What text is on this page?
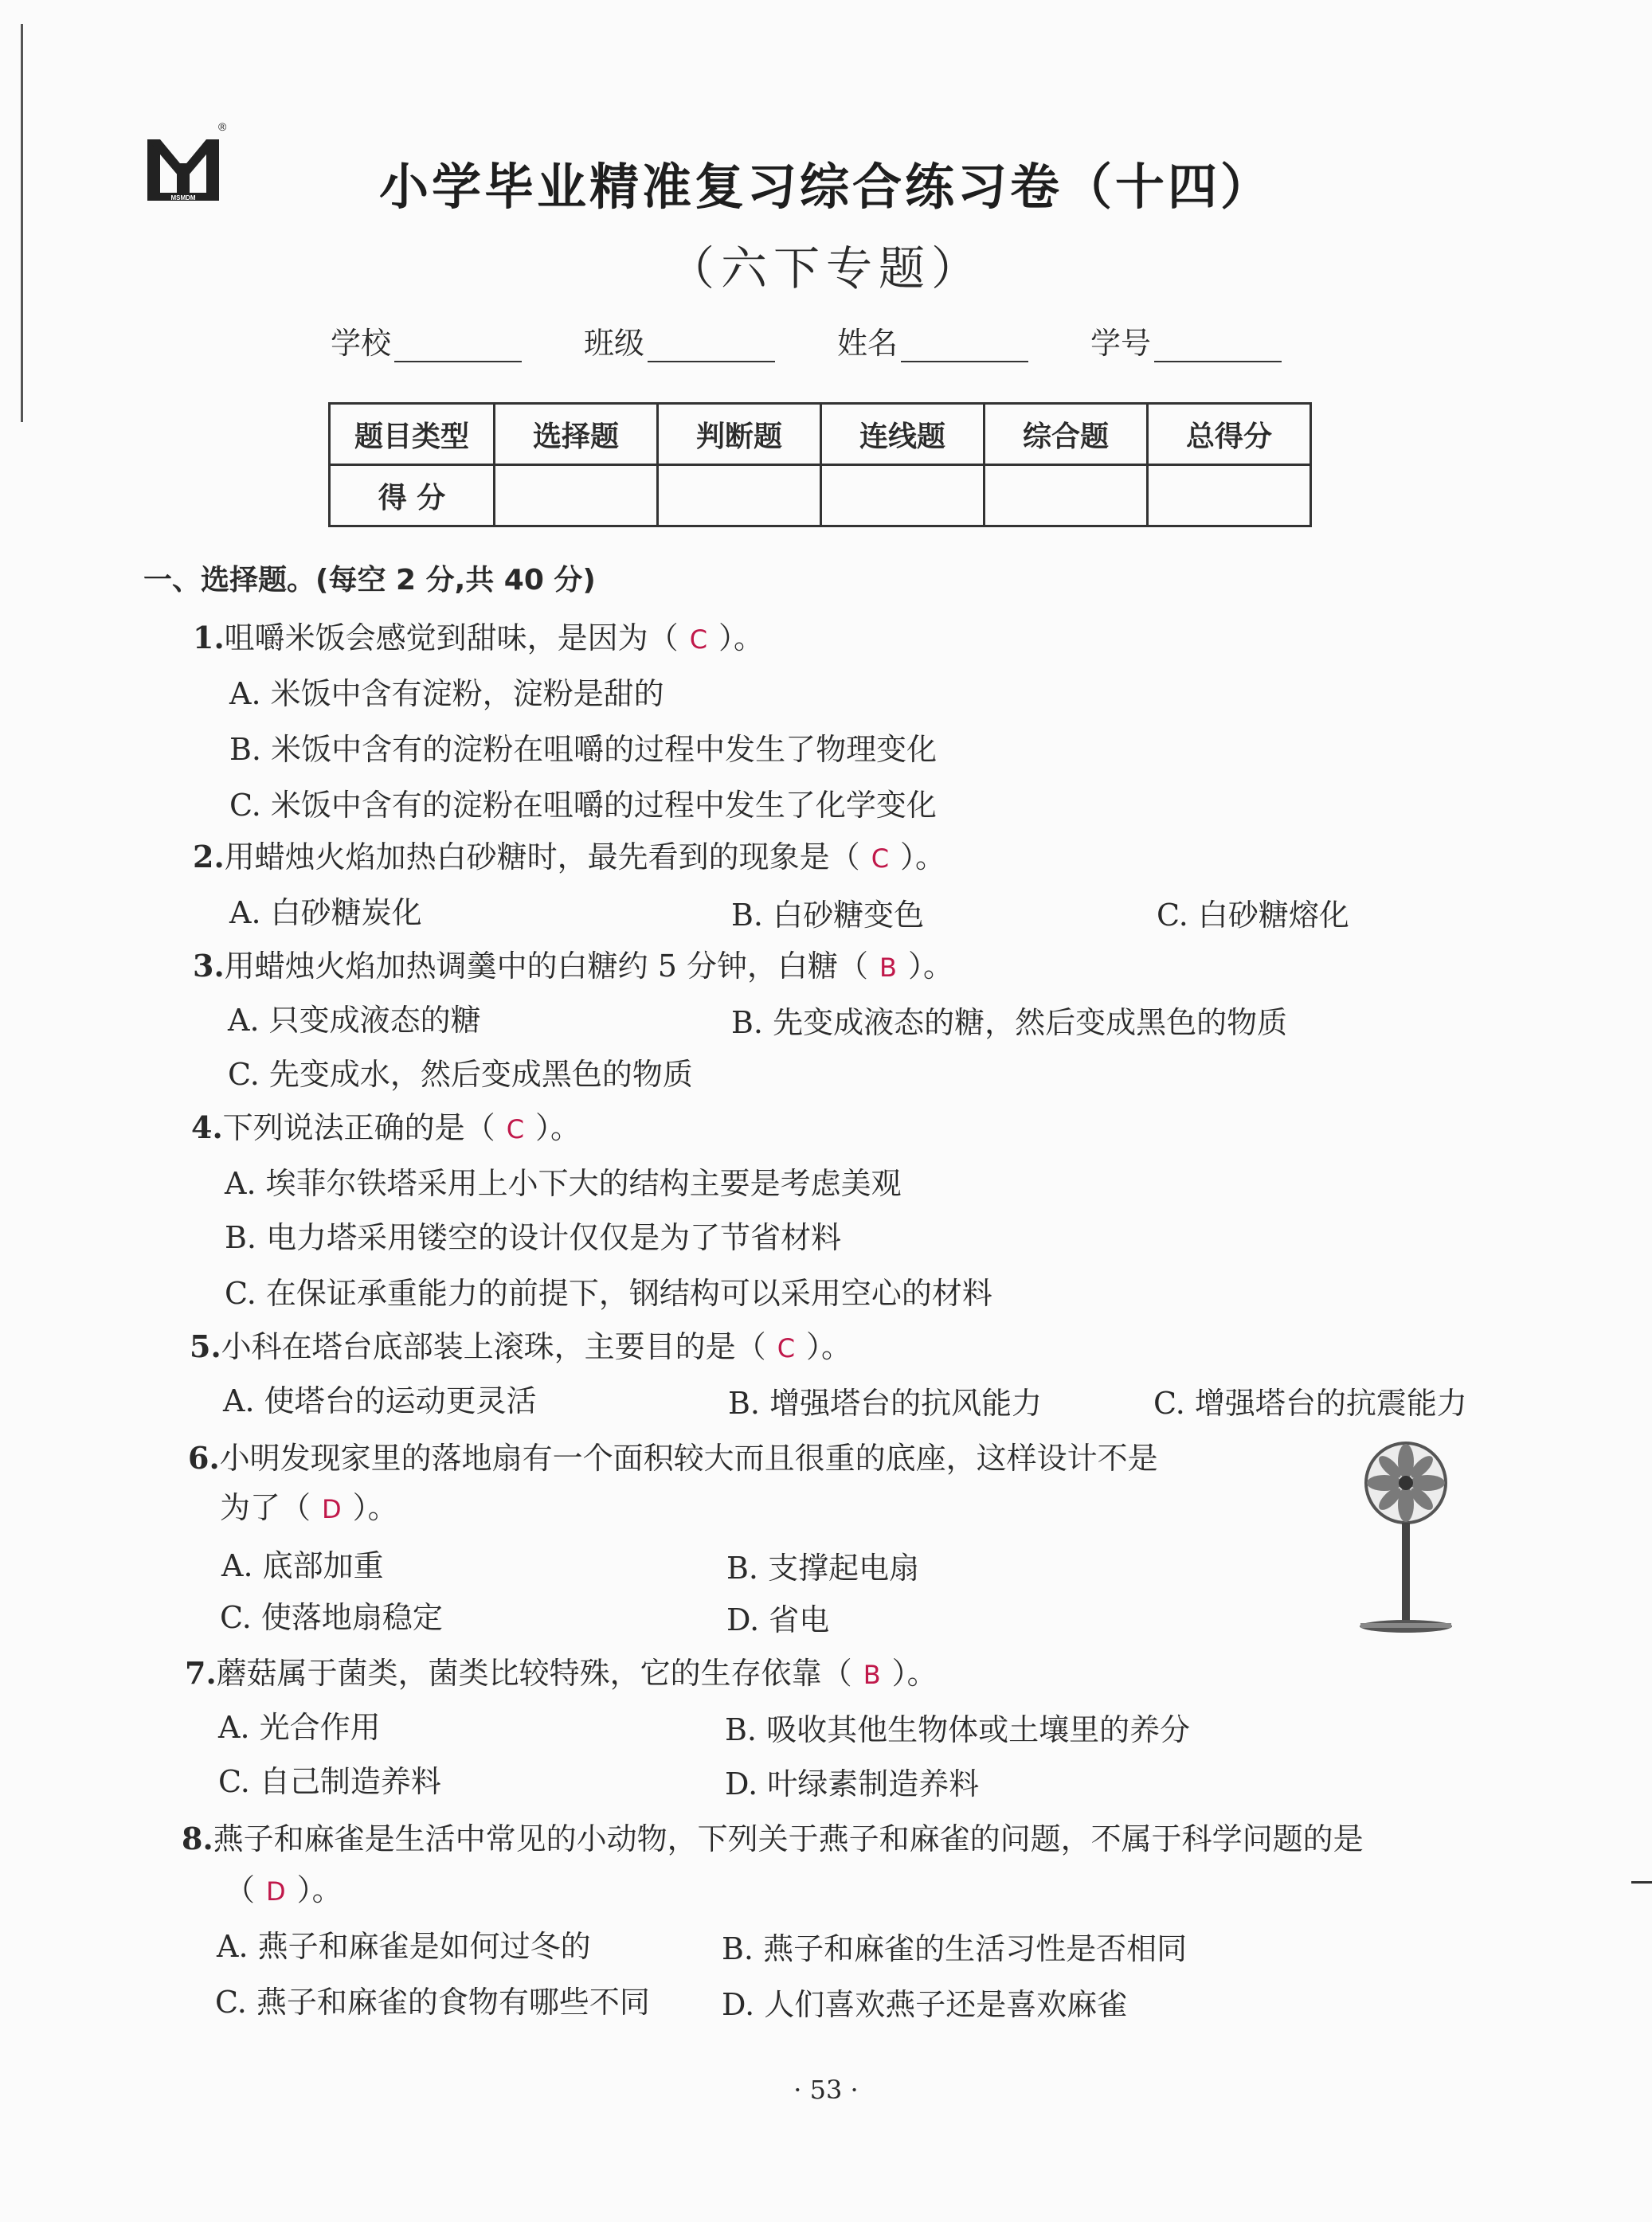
MSMDM
®
小学毕业精准复习综合练习卷（十四）
（六下专题）
学校	班级	姓名	学号
题目类型	选择题	判断题	连线题	综合题	总得分
得 分					
一、选择题。(每空 2 分,共 40 分)
1.咀嚼米饭会感觉到甜味，是因为（ C ）。
A. 米饭中含有淀粉，淀粉是甜的
B. 米饭中含有的淀粉在咀嚼的过程中发生了物理变化
C. 米饭中含有的淀粉在咀嚼的过程中发生了化学变化
2.用蜡烛火焰加热白砂糖时，最先看到的现象是（ C ）。
A. 白砂糖炭化	B. 白砂糖变色	C. 白砂糖熔化
3.用蜡烛火焰加热调羹中的白糖约 5 分钟，白糖（ B ）。
A. 只变成液态的糖	B. 先变成液态的糖，然后变成黑色的物质
C. 先变成水，然后变成黑色的物质
4.下列说法正确的是（ C ）。
A. 埃菲尔铁塔采用上小下大的结构主要是考虑美观
B. 电力塔采用镂空的设计仅仅是为了节省材料
C. 在保证承重能力的前提下，钢结构可以采用空心的材料
5.小科在塔台底部装上滚珠，主要目的是（ C ）。
A. 使塔台的运动更灵活	B. 增强塔台的抗风能力	C. 增强塔台的抗震能力
6.小明发现家里的落地扇有一个面积较大而且很重的底座，这样设计不是
为了（ D ）。
A. 底部加重	B. 支撑起电扇
C. 使落地扇稳定	D. 省电
7.蘑菇属于菌类，菌类比较特殊，它的生存依靠（ B ）。
A. 光合作用	B. 吸收其他生物体或土壤里的养分
C. 自己制造养料	D. 叶绿素制造养料
8.燕子和麻雀是生活中常见的小动物，下列关于燕子和麻雀的问题，不属于科学问题的是
（ D ）。
A. 燕子和麻雀是如何过冬的	B. 燕子和麻雀的生活习性是否相同
C. 燕子和麻雀的食物有哪些不同 D. 人们喜欢燕子还是喜欢麻雀
· 53 ·
